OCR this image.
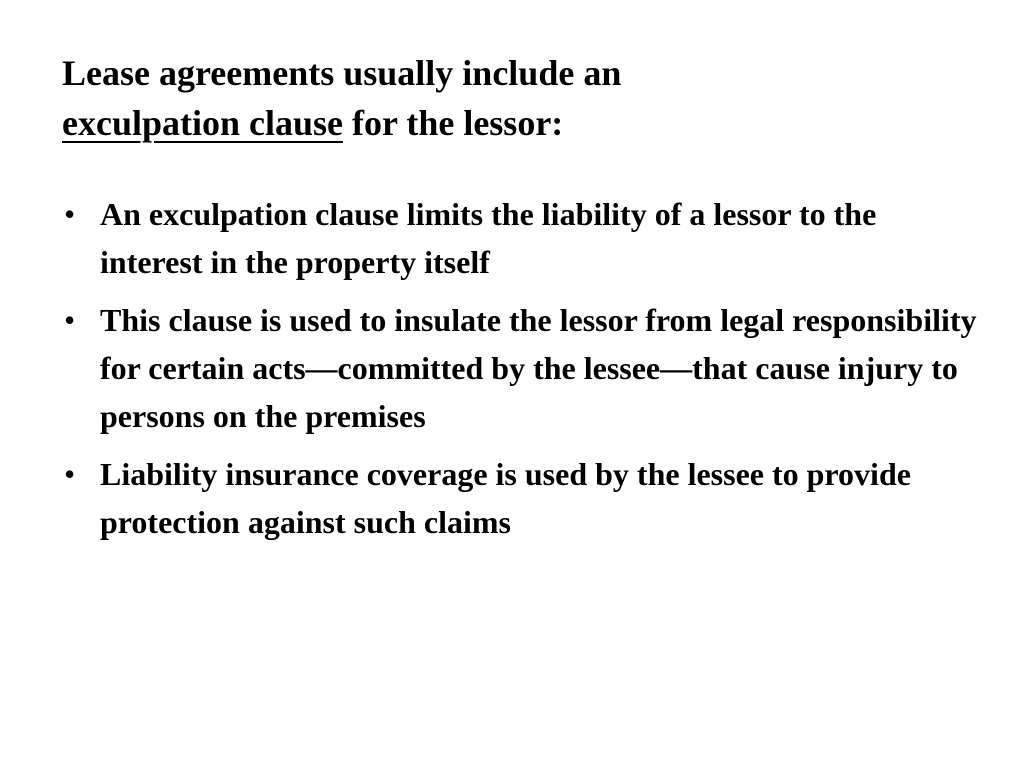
Lease agreements usually include an
exculpation clause for the lessor:
• An exculpation clause limits the liability of a lessor to the interest in the property itself
• This clause is used to insulate the lessor from legal responsibility for certain acts—committed by the lessee—that cause injury to persons on the premises
• Liability insurance coverage is used by the lessee to provide protection against such claims
